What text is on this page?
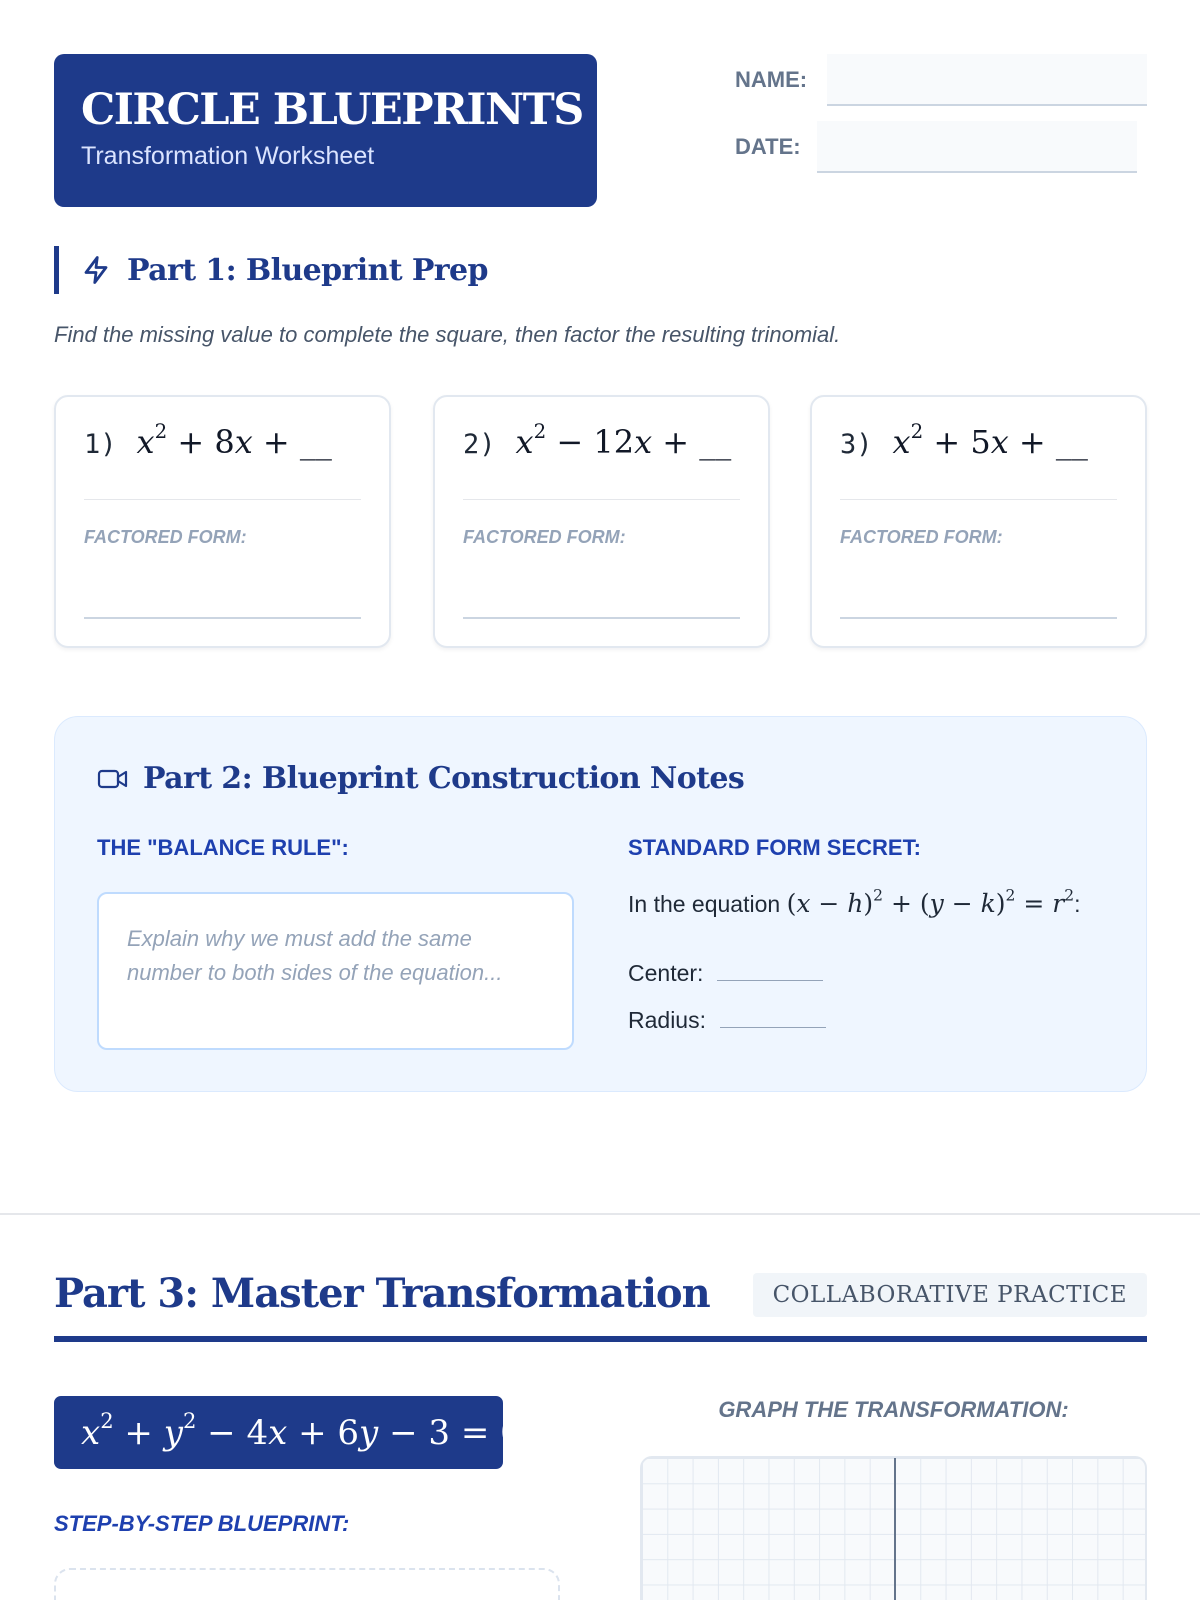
CIRCLE BLUEPRINTS
Transformation Worksheet
NAME:
DATE:
Part 1: Blueprint Prep
Find the missing value to complete the square, then factor the resulting trinomial.
1) $x^2 + 8x$ + __
FACTORED FORM:
2) $x^2 - 12x$ + __
FACTORED FORM:
3) $x^2 + 5x$ + __
FACTORED FORM:
Part 2: Blueprint Construction Notes
THE "BALANCE RULE":
Explain why we must add the same number to both sides of the equation...
STANDARD FORM SECRET:
In the equation $(x - h)^2 + (y - k)^2 = r^2$:
Center:
Radius:
Part 3: Master Transformation	COLLABORATIVE PRACTICE
$x^2 + y^2 - 4x + 6y - 3 = 0$
STEP-BY-STEP BLUEPRINT:
GRAPH THE TRANSFORMATION:
